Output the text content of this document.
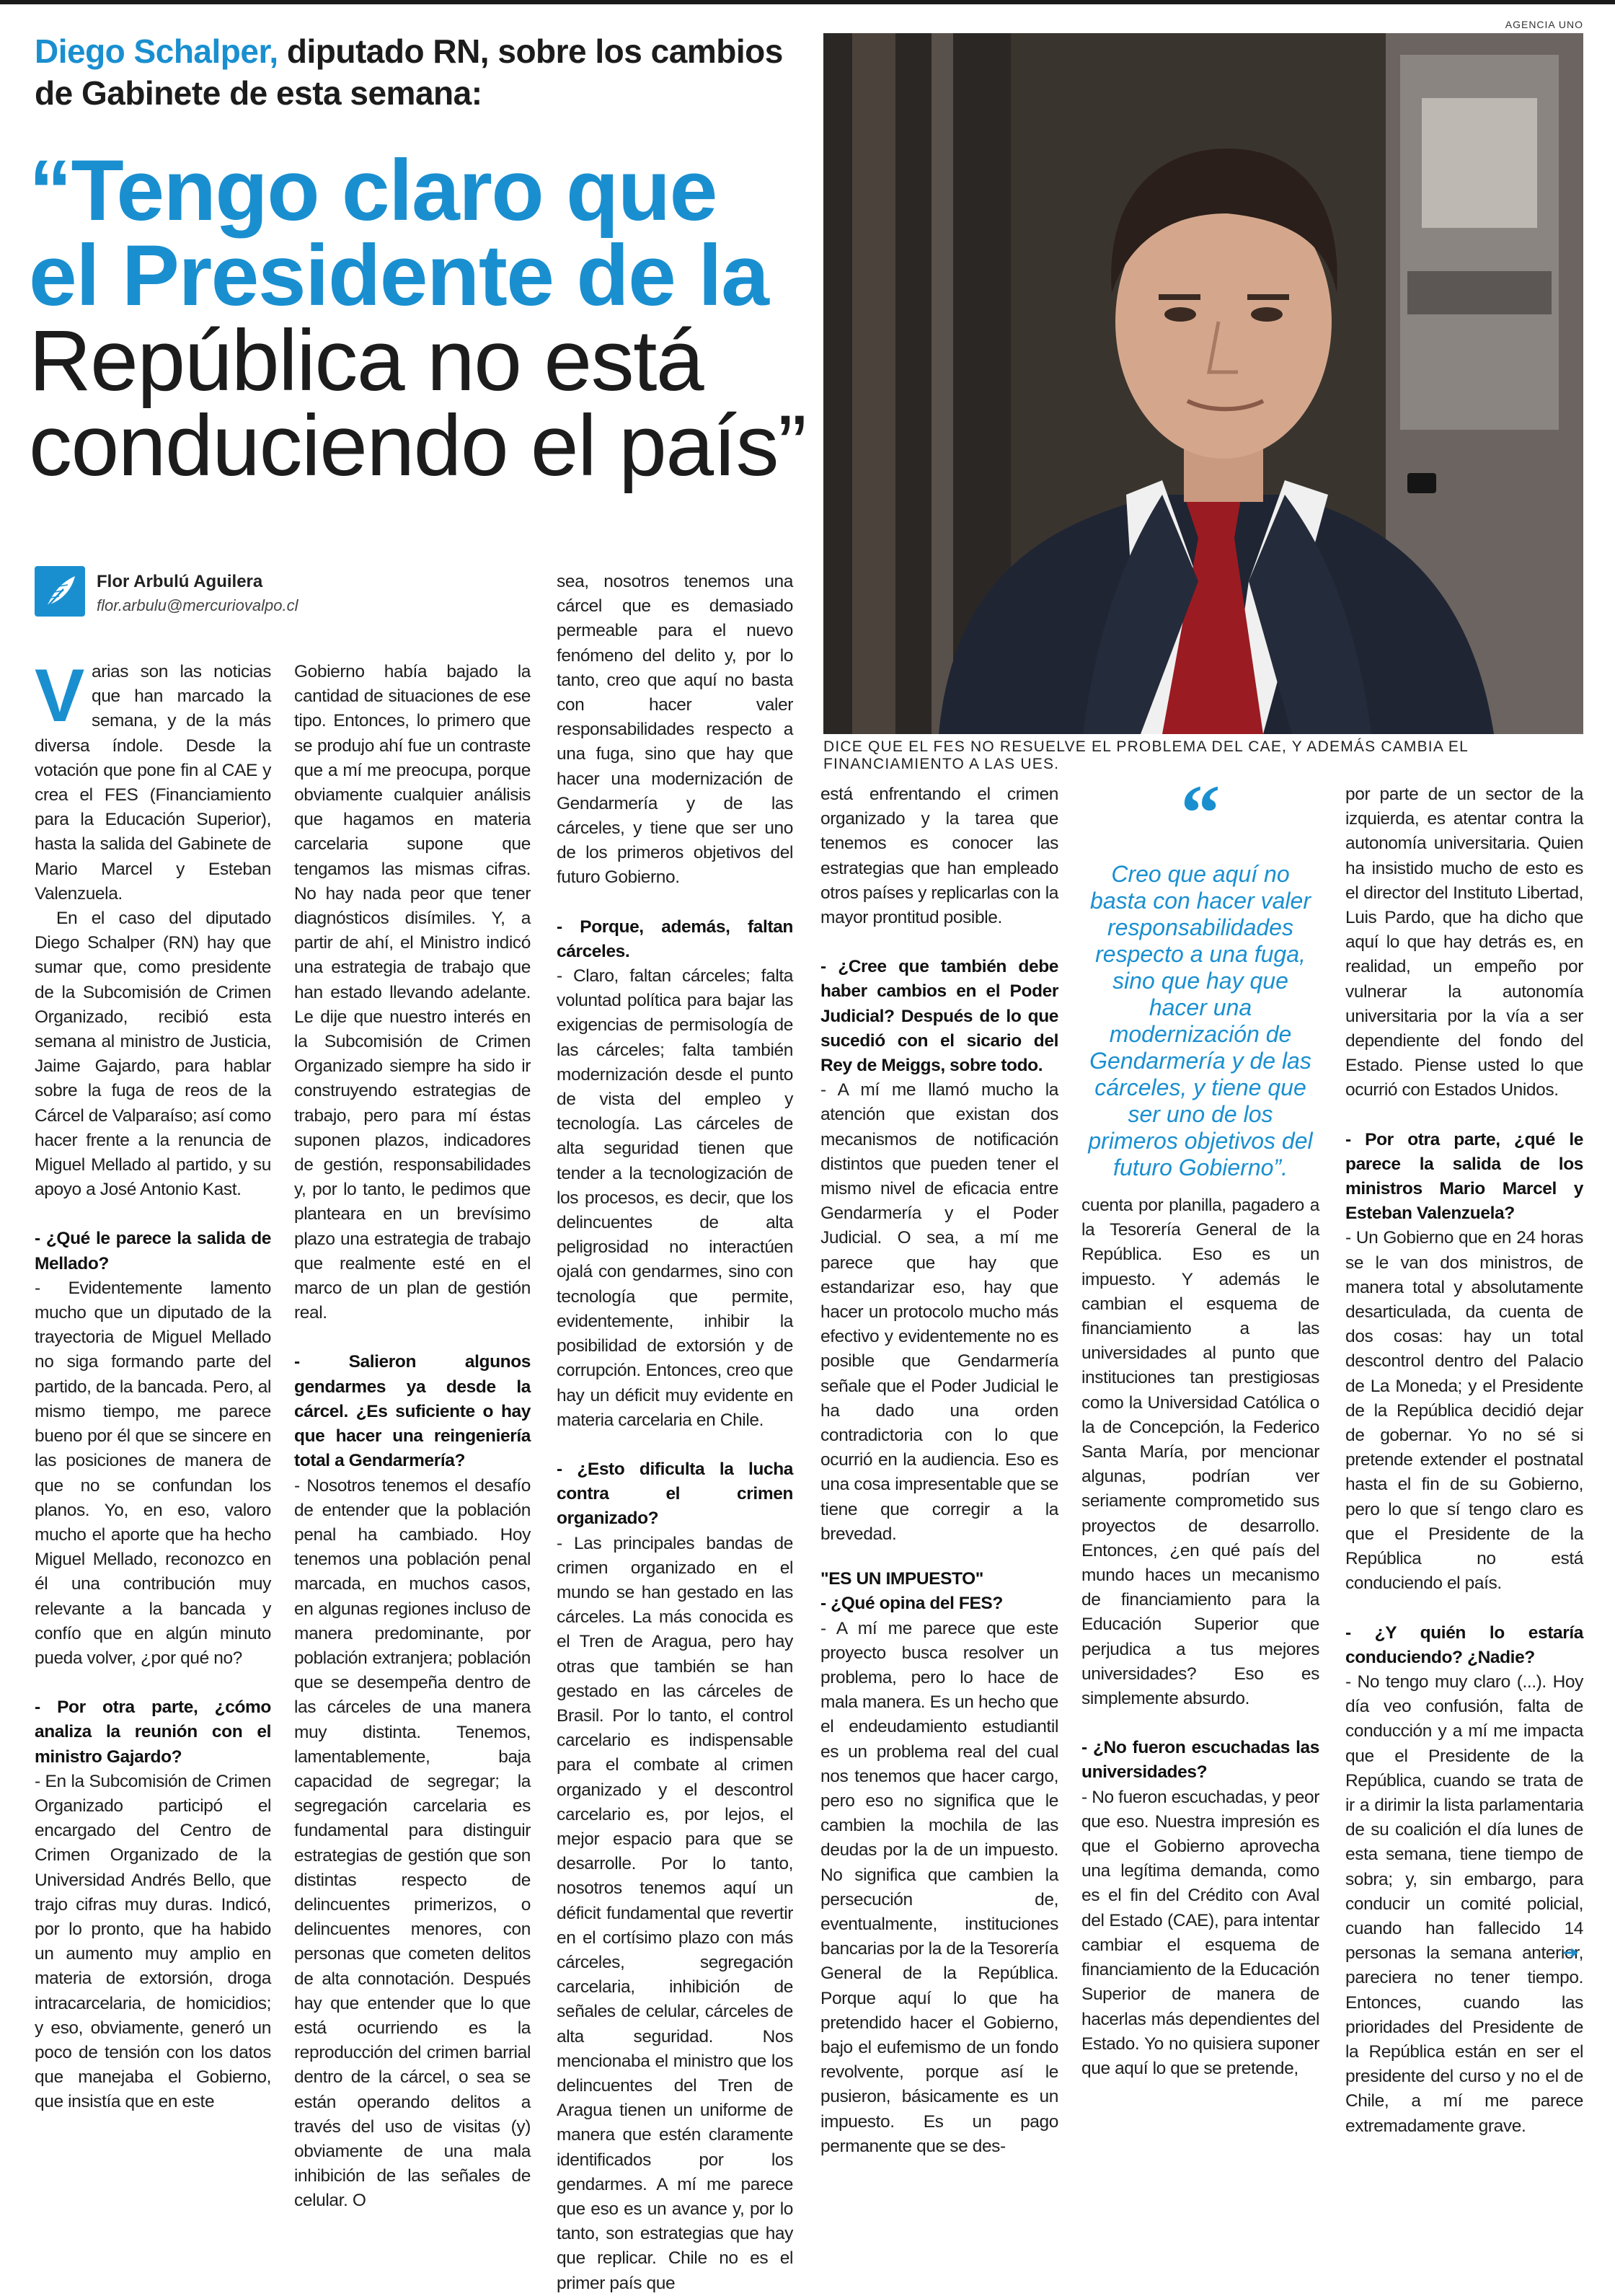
Diego Schalper, diputado RN, sobre los cambios de Gabinete de esta semana:
“Tengo claro que
el Presidente de la
República no está
conduciendo el país”
Flor Arbulú Aguilera
flor.arbulu@mercuriovalpo.cl
AGENCIA UNO
DICE QUE EL FES NO RESUELVE EL PROBLEMA DEL CAE, Y ADEMÁS CAMBIA EL FINANCIAMIENTO A LAS UES.

Varias son las noticias que han marcado la semana, y de la más diversa índole. Desde la votación que pone fin al CAE y crea el FES (Financiamiento para la Educación Superior), hasta la salida del Gabinete de Mario Marcel y Esteban Valenzuela.

En el caso del diputado Diego Schalper (RN) hay que sumar que, como presidente de la Subcomisión de Crimen Organizado, recibió esta semana al ministro de Justicia, Jaime Gajardo, para hablar sobre la fuga de reos de la Cárcel de Valparaíso; así como hacer frente a la renuncia de Miguel Mellado al partido, y su apoyo a José Antonio Kast.

- ¿Qué le parece la salida de Mellado?

- Evidentemente lamento mucho que un diputado de la trayectoria de Miguel Mellado no siga formando parte del partido, de la bancada. Pero, al mismo tiempo, me parece bueno por él que se sincere en las posiciones de manera de que no se confundan los planos. Yo, en eso, valoro mucho el aporte que ha hecho Miguel Mellado, reconozco en él una contribución muy relevante a la bancada y confío que en algún minuto pueda volver, ¿por qué no?

- Por otra parte, ¿cómo analiza la reunión con el ministro Gajardo?

- En la Subcomisión de Crimen Organizado participó el encargado del Centro de Crimen Organizado de la Universidad Andrés Bello, que trajo cifras muy duras. Indicó, por lo pronto, que ha habido un aumento muy amplio en materia de extorsión, droga intracarcelaria, de homicidios; y eso, obviamente, generó un poco de tensión con los datos que manejaba el Gobierno, que insistía que en este

Gobierno había bajado la cantidad de situaciones de ese tipo. Entonces, lo primero que se produjo ahí fue un contraste que a mí me preocupa, porque obviamente cualquier análisis que hagamos en materia carcelaria supone que tengamos las mismas cifras. No hay nada peor que tener diagnósticos disímiles. Y, a partir de ahí, el Ministro indicó una estrategia de trabajo que han estado llevando adelante. Le dije que nuestro interés en la Subcomisión de Crimen Organizado siempre ha sido ir construyendo estrategias de trabajo, pero para mí éstas suponen plazos, indicadores de gestión, responsabilidades y, por lo tanto, le pedimos que planteara en un brevísimo plazo una estrategia de trabajo que realmente esté en el marco de un plan de gestión real.

- Salieron algunos gendarmes ya desde la cárcel. ¿Es suficiente o hay que hacer una reingeniería total a Gendarmería?

- Nosotros tenemos el desafío de entender que la población penal ha cambiado. Hoy tenemos una población penal marcada, en muchos casos, en algunas regiones incluso de manera predominante, por población extranjera; población que se desempeña dentro de las cárceles de una manera muy distinta. Tenemos, lamentablemente, baja capacidad de segregar; la segregación carcelaria es fundamental para distinguir estrategias de gestión que son distintas respecto de delincuentes primerizos, o delincuentes menores, con personas que cometen delitos de alta connotación. Después hay que entender que lo que está ocurriendo es la reproducción del crimen barrial dentro de la cárcel, o sea se están operando delitos a través del uso de visitas (y) obviamente de una mala inhibición de las señales de celular. O

sea, nosotros tenemos una cárcel que es demasiado permeable para el nuevo fenómeno del delito y, por lo tanto, creo que aquí no basta con hacer valer responsabilidades respecto a una fuga, sino que hay que hacer una modernización de Gendarmería y de las cárceles, y tiene que ser uno de los primeros objetivos del futuro Gobierno.

- Porque, además, faltan cárceles.

- Claro, faltan cárceles; falta voluntad política para bajar las exigencias de permisología de las cárceles; falta también modernización desde el punto de vista del empleo y tecnología. Las cárceles de alta seguridad tienen que tender a la tecnologización de los procesos, es decir, que los delincuentes de alta peligrosidad no interactúen ojalá con gendarmes, sino con tecnología que permite, evidentemente, inhibir la posibilidad de extorsión y de corrupción. Entonces, creo que hay un déficit muy evidente en materia carcelaria en Chile.

- ¿Esto dificulta la lucha contra el crimen organizado?

- Las principales bandas de crimen organizado en el mundo se han gestado en las cárceles. La más conocida es el Tren de Aragua, pero hay otras que también se han gestado en las cárceles de Brasil. Por lo tanto, el control carcelario es indispensable para el combate al crimen organizado y el descontrol carcelario es, por lejos, el mejor espacio para que se desarrolle. Por lo tanto, nosotros tenemos aquí un déficit fundamental que revertir en el cortísimo plazo con más cárceles, segregación carcelaria, inhibición de señales de celular, cárceles de alta seguridad. Nos mencionaba el ministro que los delincuentes del Tren de Aragua tienen un uniforme de manera que estén claramente identificados por los gendarmes. A mí me parece que eso es un avance y, por lo tanto, son estrategias que hay que replicar. Chile no es el primer país que

está enfrentando el crimen organizado y la tarea que tenemos es conocer las estrategias que han empleado otros países y replicarlas con la mayor prontitud posible.

- ¿Cree que también debe haber cambios en el Poder Judicial? Después de lo que sucedió con el sicario del Rey de Meiggs, sobre todo.

- A mí me llamó mucho la atención que existan dos mecanismos de notificación distintos que pueden tener el mismo nivel de eficacia entre Gendarmería y el Poder Judicial. O sea, a mí me parece que hay que estandarizar eso, hay que hacer un protocolo mucho más efectivo y evidentemente no es posible que Gendarmería señale que el Poder Judicial le ha dado una orden contradictoria con lo que ocurrió en la audiencia. Eso es una cosa impresentable que se tiene que corregir a la brevedad.

"ES UN IMPUESTO"

- ¿Qué opina del FES?

- A mí me parece que este proyecto busca resolver un problema, pero lo hace de mala manera. Es un hecho que el endeudamiento estudiantil es un problema real del cual nos tenemos que hacer cargo, pero eso no significa que le cambien la mochila de las deudas por la de un impuesto. No significa que cambien la persecución de, eventualmente, instituciones bancarias por la de la Tesorería General de la República. Porque aquí lo que ha pretendido hacer el Gobierno, bajo el eufemismo de un fondo revolvente, porque así le pusieron, básicamente es un impuesto. Es un pago permanente que se des-

“
Creo que aquí no basta con hacer valer responsabilidades respecto a una fuga, sino que hay que hacer una modernización de Gendarmería y de las cárceles, y tiene que ser uno de los primeros objetivos del futuro Gobierno”.

cuenta por planilla, pagadero a la Tesorería General de la República. Eso es un impuesto. Y además le cambian el esquema de financiamiento a las universidades al punto que instituciones tan prestigiosas como la Universidad Católica o la de Concepción, la Federico Santa María, por mencionar algunas, podrían ver seriamente comprometido sus proyectos de desarrollo. Entonces, ¿en qué país del mundo haces un mecanismo de financiamiento para la Educación Superior que perjudica a tus mejores universidades? Eso es simplemente absurdo.

- ¿No fueron escuchadas las universidades?

- No fueron escuchadas, y peor que eso. Nuestra impresión es que el Gobierno aprovecha una legítima demanda, como es el fin del Crédito con Aval del Estado (CAE), para intentar cambiar el esquema de financiamiento de la Educación Superior de manera de hacerlas más dependientes del Estado. Yo no quisiera suponer que aquí lo que se pretende,

por parte de un sector de la izquierda, es atentar contra la autonomía universitaria. Quien ha insistido mucho de esto es el director del Instituto Libertad, Luis Pardo, que ha dicho que aquí lo que hay detrás es, en realidad, un empeño por vulnerar la autonomía universitaria por la vía a ser dependiente del fondo del Estado. Piense usted lo que ocurrió con Estados Unidos.

- Por otra parte, ¿qué le parece la salida de los ministros Mario Marcel y Esteban Valenzuela?

- Un Gobierno que en 24 horas se le van dos ministros, de manera total y absolutamente desarticulada, da cuenta de dos cosas: hay un total descontrol dentro del Palacio de La Moneda; y el Presidente de la República decidió dejar de gobernar. Yo no sé si pretende extender el postnatal hasta el fin de su Gobierno, pero lo que sí tengo claro es que el Presidente de la República no está conduciendo el país.

- ¿Y quién lo estaría conduciendo? ¿Nadie?

- No tengo muy claro (...). Hoy día veo confusión, falta de conducción y a mí me impacta que el Presidente de la República, cuando se trata de ir a dirimir la lista parlamentaria de su coalición el día lunes de esta semana, tiene tiempo de sobra; y, sin embargo, para conducir un comité policial, cuando han fallecido 14 personas la semana anterior, pareciera no tener tiempo. Entonces, cuando las prioridades del Presidente de la República están en ser el presidente del curso y no el de Chile, a mí me parece extremadamente grave.
